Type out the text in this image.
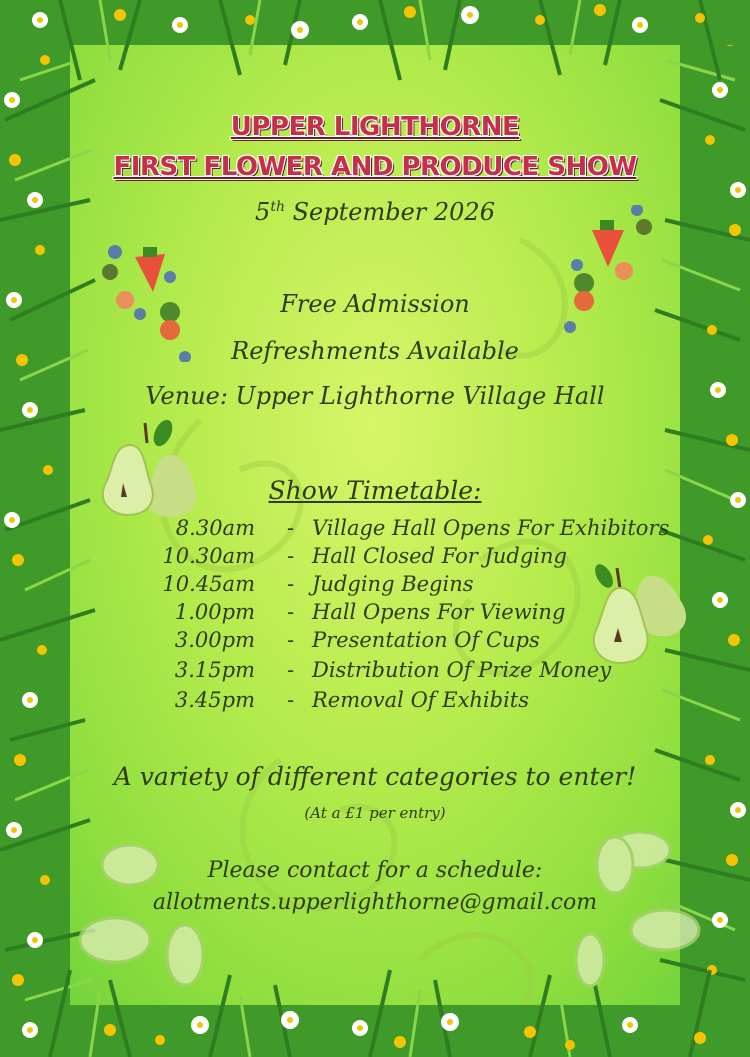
UPPER LIGHTHORNE
FIRST FLOWER AND PRODUCE SHOW
5th September 2026
Free Admission
Refreshments Available
Venue: Upper Lighthorne Village Hall
Show Timetable:
8.30am - Village Hall Opens For Exhibitors
10.30am - Hall Closed For Judging
10.45am - Judging Begins
1.00pm - Hall Opens For Viewing
3.00pm - Presentation Of Cups
3.15pm - Distribution Of Prize Money
3.45pm - Removal Of Exhibits
A variety of different categories to enter!
(At a £1 per entry)
Please contact for a schedule:
allotments.upperlighthorne@gmail.com
